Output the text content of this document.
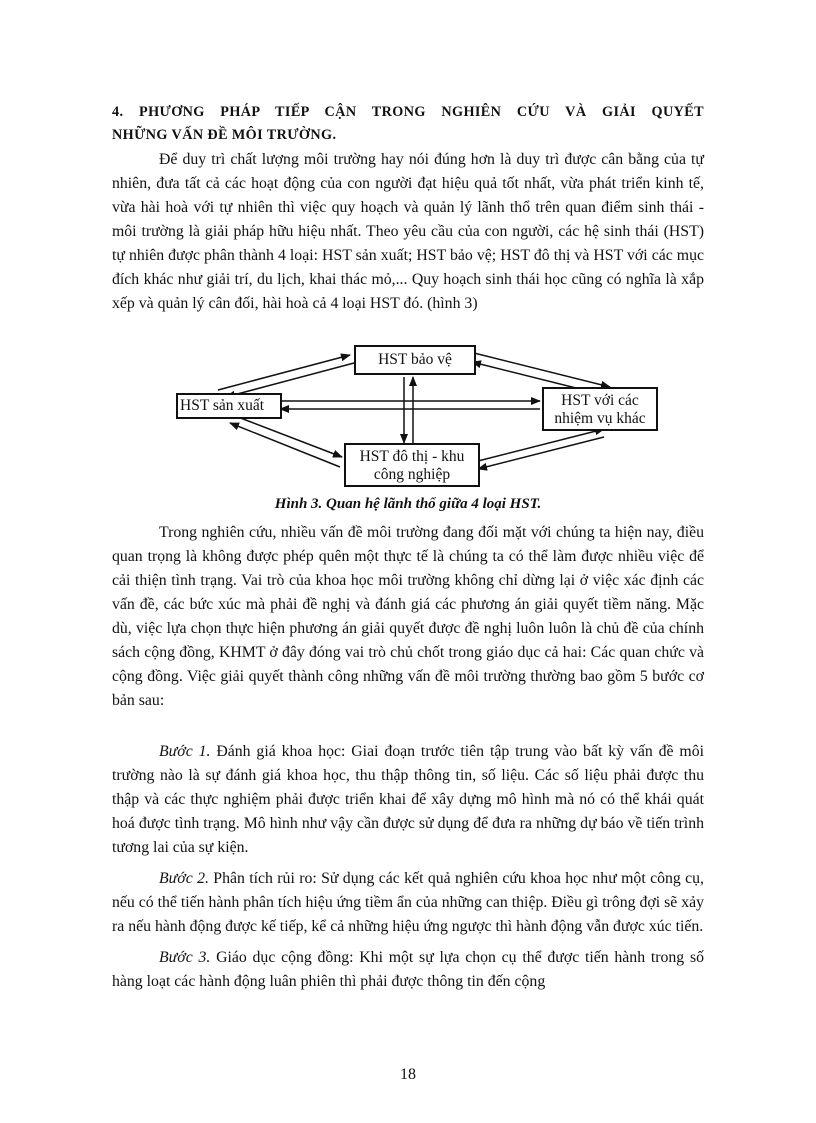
4. PHƯƠNG PHÁP TIẾP CẬN TRONG NGHIÊN CỨU VÀ GIẢI QUYẾT
NHỮNG VẤN ĐỀ MÔI TRƯỜNG.

Để duy trì chất lượng môi trường hay nói đúng hơn là duy trì được cân bằng của tự nhiên, đưa tất cả các hoạt động của con người đạt hiệu quả tốt nhất, vừa phát triển kinh tế, vừa hài hoà với tự nhiên thì việc quy hoạch và quản lý lãnh thổ trên quan điểm sinh thái - môi trường là giải pháp hữu hiệu nhất. Theo yêu cầu của con người, các hệ sinh thái (HST) tự nhiên được phân thành 4 loại: HST sản xuất; HST bảo vệ; HST đô thị và HST với các mục đích khác như giải trí, du lịch, khai thác mỏ,... Quy hoạch sinh thái học cũng có nghĩa là xắp xếp và quản lý cân đối, hài hoà cả 4 loại HST đó. (hình 3)

HST bảo vệ
HST sản xuất	HST với các
nhiệm vụ khác
HST đô thị - khu
công nghiệp
Hình 3. Quan hệ lãnh thổ giữa 4 loại HST.

Trong nghiên cứu, nhiều vấn đề môi trường đang đối mặt với chúng ta hiện nay, điều quan trọng là không được phép quên một thực tế là chúng ta có thể làm được nhiều việc để cải thiện tình trạng. Vai trò của khoa học môi trường không chỉ dừng lại ở việc xác định các vấn đề, các bức xúc mà phải đề nghị và đánh giá các phương án giải quyết tiềm năng. Mặc dù, việc lựa chọn thực hiện phương án giải quyết được đề nghị luôn luôn là chủ đề của chính sách cộng đồng, KHMT ở đây đóng vai trò chủ chốt trong giáo dục cả hai: Các quan chức và cộng đồng. Việc giải quyết thành công những vấn đề môi trường thường bao gồm 5 bước cơ bản sau:

Bước 1. Đánh giá khoa học: Giai đoạn trước tiên tập trung vào bất kỳ vấn đề môi trường nào là sự đánh giá khoa học, thu thập thông tin, số liệu. Các số liệu phải được thu thập và các thực nghiệm phải được triển khai để xây dựng mô hình mà nó có thể khái quát hoá được tình trạng. Mô hình như vậy cần được sử dụng để đưa ra những dự báo về tiến trình tương lai của sự kiện.

Bước 2. Phân tích rủi ro: Sử dụng các kết quả nghiên cứu khoa học như một công cụ, nếu có thể tiến hành phân tích hiệu ứng tiềm ẩn của những can thiệp. Điều gì trông đợi sẽ xảy ra nếu hành động được kế tiếp, kể cả những hiệu ứng ngược thì hành động vẫn được xúc tiến.

Bước 3. Giáo dục cộng đồng: Khi một sự lựa chọn cụ thể được tiến hành trong số hàng loạt các hành động luân phiên thì phải được thông tin đến cộng

18
